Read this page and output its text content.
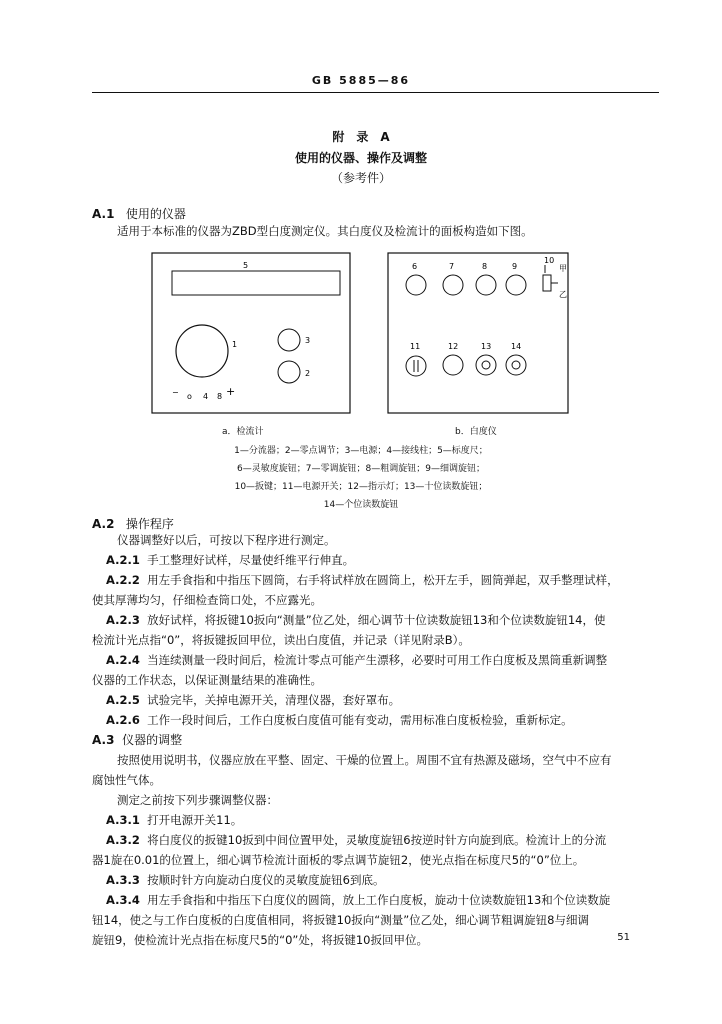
GB 5885—86
附　录　A
使用的仪器、操作及调整
（参考件）
A.1 使用的仪器
适用于本标准的仪器为ZBD型白度测定仪。其白度仪及检流计的面板构造如下图。
5
1	3
2
− o 4 8 +
6	7	8	9
10
甲
乙
11	12	13 14
a．检流计	b．白度仪
1—分流器；2—零点调节；3—电源；4—接线柱；5—标度尺；
6—灵敏度旋钮；7—零调旋钮；8—粗调旋钮；9—细调旋钮；
10—扳键；11—电源开关；12—指示灯；13—十位读数旋钮；
14—个位读数旋钮
A.2 操作程序
仪器调整好以后，可按以下程序进行测定。
A.2.1 手工整理好试样，尽量使纤维平行伸直。
A.2.2 用左手食指和中指压下圆筒，右手将试样放在圆筒上，松开左手，圆筒弹起，双手整理试样，
使其厚薄均匀，仔细检查筒口处，不应露光。
A.2.3 放好试样，将扳键10扳向“测量”位乙处，细心调节十位读数旋钮13和个位读数旋钮14，使
检流计光点指“0”，将扳键扳回甲位，读出白度值，并记录（详见附录B）。
A.2.4 当连续测量一段时间后，检流计零点可能产生漂移，必要时可用工作白度板及黑筒重新调整
仪器的工作状态，以保证测量结果的准确性。
A.2.5 试验完毕，关掉电源开关，清理仪器，套好罩布。
A.2.6 工作一段时间后，工作白度板白度值可能有变动，需用标准白度板检验，重新标定。
A.3 仪器的调整
按照使用说明书，仪器应放在平整、固定、干燥的位置上。周围不宜有热源及磁场，空气中不应有
腐蚀性气体。
测定之前按下列步骤调整仪器：
A.3.1 打开电源开关11。
A.3.2 将白度仪的扳键10扳到中间位置甲处，灵敏度旋钮6按逆时针方向旋到底。检流计上的分流
器1旋在0.01的位置上，细心调节检流计面板的零点调节旋钮2，使光点指在标度尺5的“0”位上。
A.3.3 按顺时针方向旋动白度仪的灵敏度旋钮6到底。
A.3.4 用左手食指和中指压下白度仪的圆筒，放上工作白度板，旋动十位读数旋钮13和个位读数旋
钮14，使之与工作白度板的白度值相同，将扳键10扳向“测量”位乙处，细心调节粗调旋钮8与细调
旋钮9，使检流计光点指在标度尺5的“0”处，将扳键10扳回甲位。	51
